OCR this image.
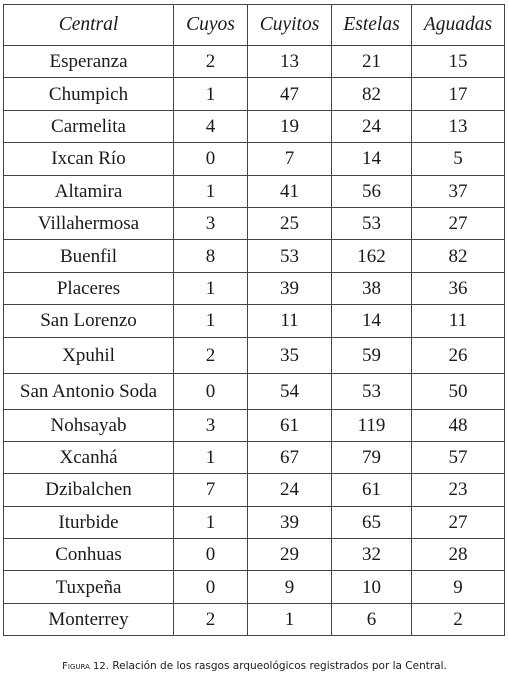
Central	Cuyos	Cuyitos	Estelas	Aguadas
Esperanza	2	13	21	15
Chumpich	1	47	82	17
Carmelita	4	19	24	13
Ixcan Río	0	7	14	5
Altamira	1	41	56	37
Villahermosa	3	25	53	27
Buenfil	8	53	162	82
Placeres	1	39	38	36
San Lorenzo	1	11	14	11
Xpuhil	2	35	59	26
San Antonio Soda	0	54	53	50
Nohsayab	3	61	119	48
Xcanhá	1	67	79	57
Dzibalchen	7	24	61	23
Iturbide	1	39	65	27
Conhuas	0	29	32	28
Tuxpeña	0	9	10	9
Monterrey	2	1	6	2
Figura 12. Relación de los rasgos arqueológicos registrados por la Central.
